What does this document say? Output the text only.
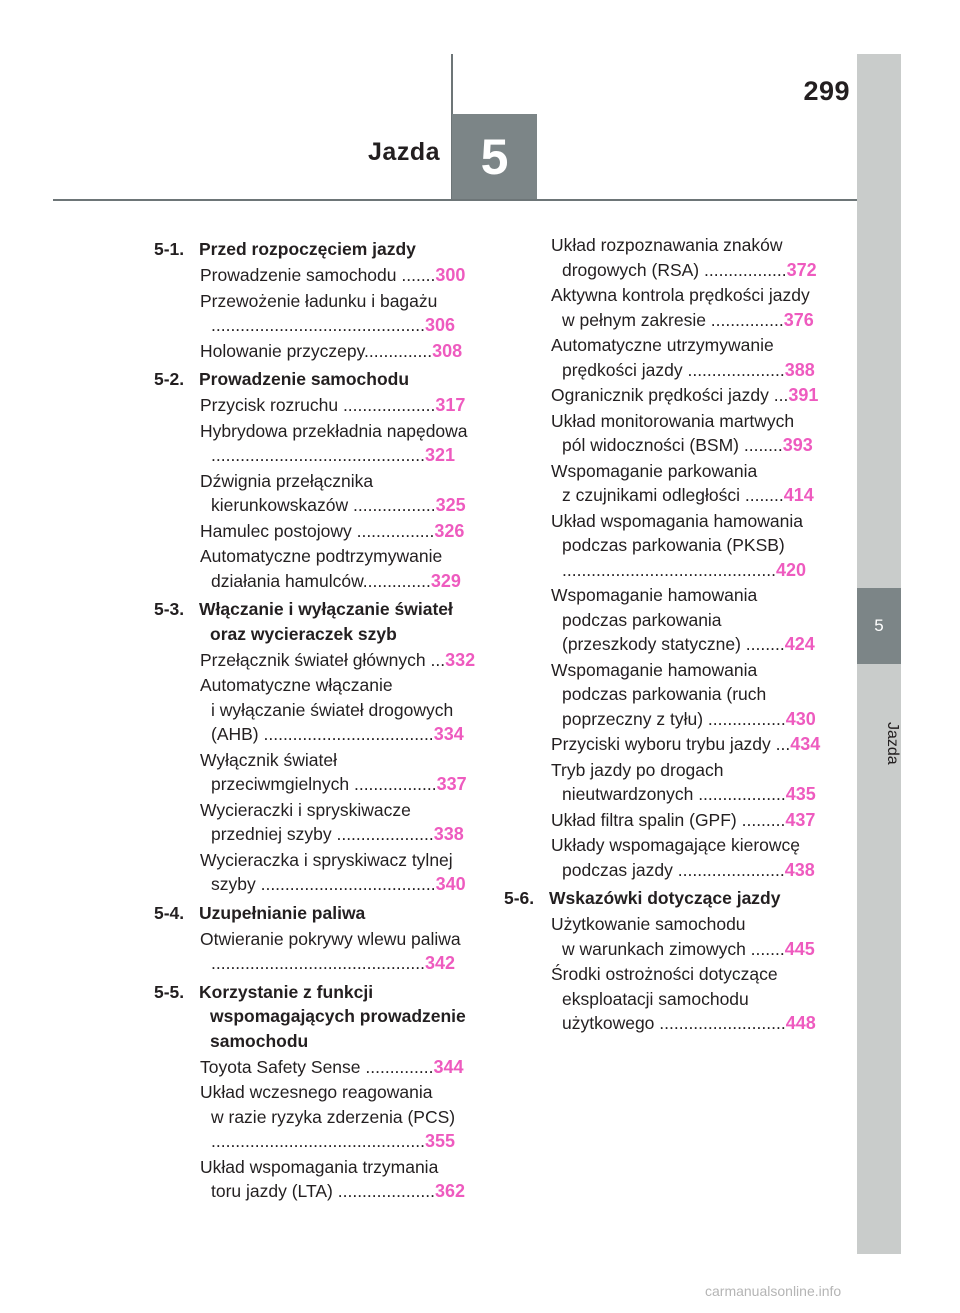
299
Jazda 5
5
Jazda
5-1. Przed rozpoczęciem jazdy
Prowadzenie samochodu .......300
Przewożenie ładunku i bagażu
............................................306
Holowanie przyczepy..............308
5-2. Prowadzenie samochodu
Przycisk rozruchu ...................317
Hybrydowa przekładnia napędowa
............................................321
Dźwignia przełącznika
kierunkowskazów .................325
Hamulec postojowy ................326
Automatyczne podtrzymywanie
działania hamulców..............329
5-3. Włączanie i wyłączanie świateł oraz wycieraczek szyb
Przełącznik świateł głównych ...332
Automatyczne włączanie
i wyłączanie świateł drogowych
(AHB) ...................................334
Wyłącznik świateł
przeciwmgielnych .................337
Wycieraczki i spryskiwacze
przedniej szyby ....................338
Wycieraczka i spryskiwacz tylnej
szyby ....................................340
5-4. Uzupełnianie paliwa
Otwieranie pokrywy wlewu paliwa
............................................342
5-5. Korzystanie z funkcji wspomagających prowadzenie samochodu
Toyota Safety Sense ..............344
Układ wczesnego reagowania
w razie ryzyka zderzenia (PCS)
............................................355
Układ wspomagania trzymania
toru jazdy (LTA) ....................362
Układ rozpoznawania znaków
drogowych (RSA) .................372
Aktywna kontrola prędkości jazdy
w pełnym zakresie ...............376
Automatyczne utrzymywanie
prędkości jazdy ....................388
Ogranicznik prędkości jazdy ...391
Układ monitorowania martwych
pól widoczności (BSM) ........393
Wspomaganie parkowania
z czujnikami odległości ........414
Układ wspomagania hamowania
podczas parkowania (PKSB)
............................................420
Wspomaganie hamowania
podczas parkowania
(przeszkody statyczne) ........424
Wspomaganie hamowania
podczas parkowania (ruch
poprzeczny z tyłu) ................430
Przyciski wyboru trybu jazdy ...434
Tryb jazdy po drogach
nieutwardzonych ..................435
Układ filtra spalin (GPF) .........437
Układy wspomagające kierowcę
podczas jazdy ......................438
5-6. Wskazówki dotyczące jazdy
Użytkowanie samochodu
w warunkach zimowych .......445
Środki ostrożności dotyczące
eksploatacji samochodu
użytkowego ..........................448
carmanualsonline.info
